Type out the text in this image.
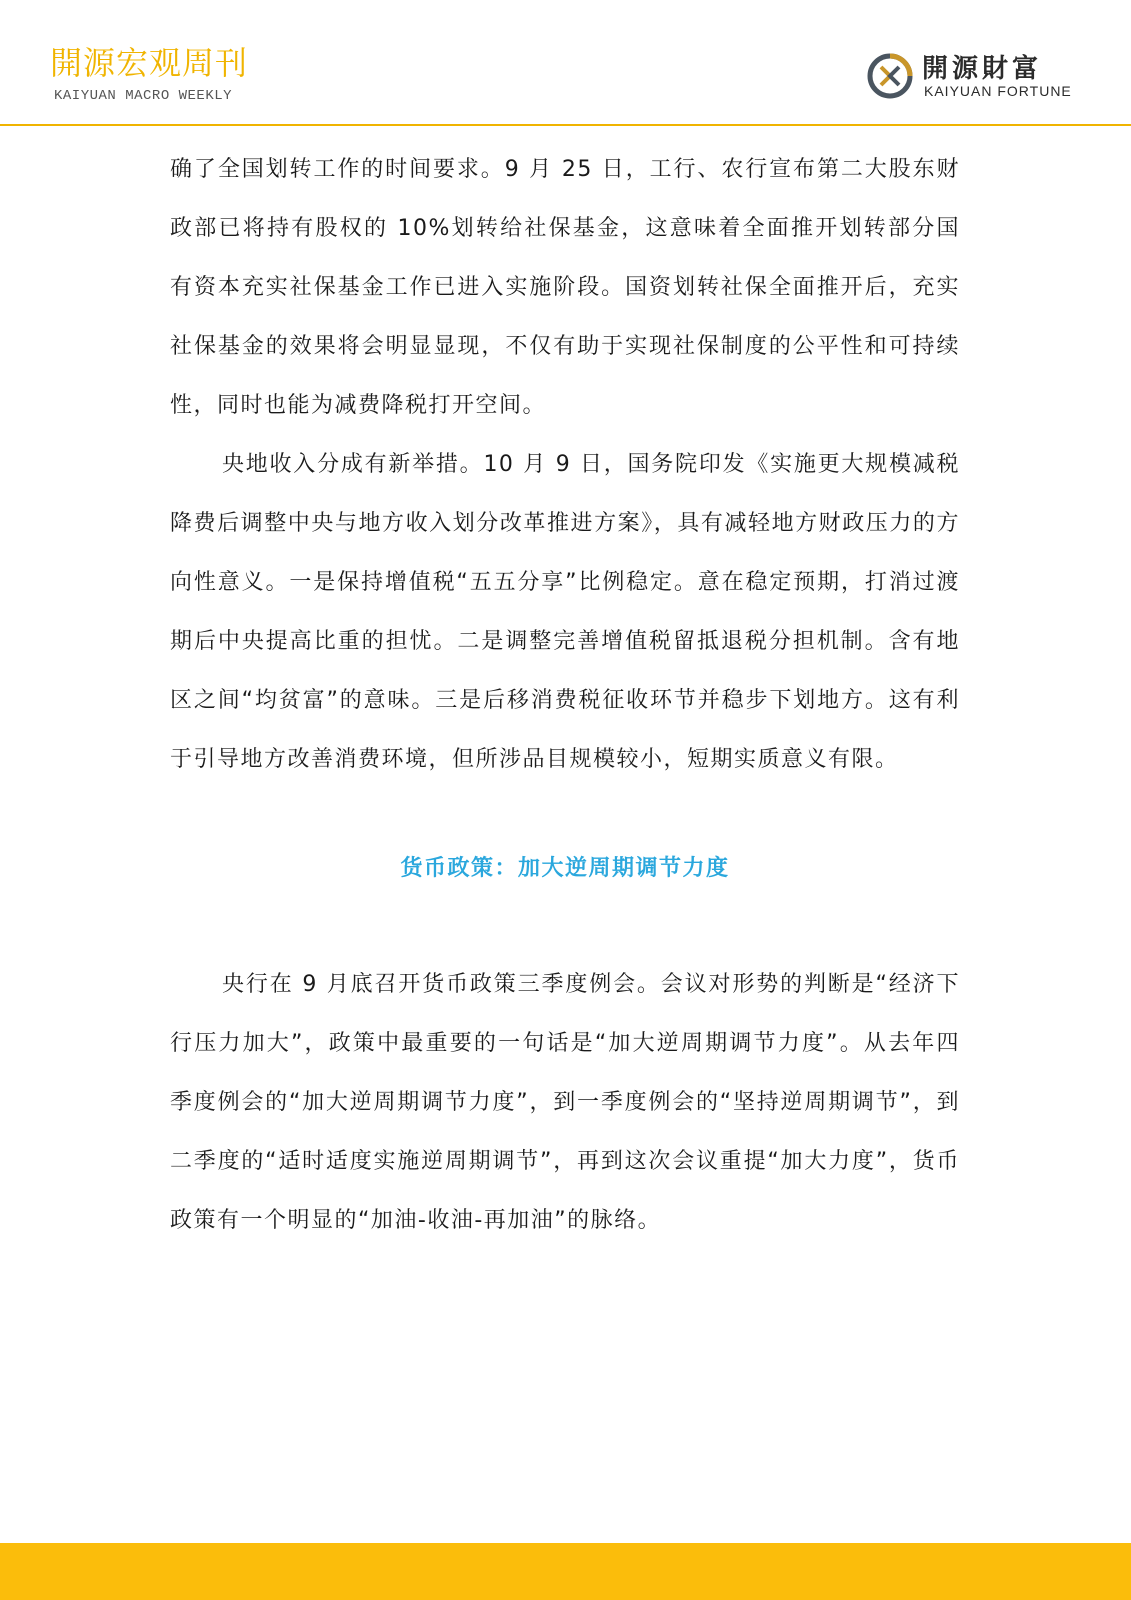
開源宏观周刊
KAIYUAN MACRO WEEKLY
開源財富
KAIYUAN FORTUNE

确了全国划转工作的时间要求。9 月 25 日，工行、农行宣布第二大股东财政部已将持有股权的 10%划转给社保基金，这意味着全面推开划转部分国有资本充实社保基金工作已进入实施阶段。国资划转社保全面推开后，充实社保基金的效果将会明显显现，不仅有助于实现社保制度的公平性和可持续性，同时也能为减费降税打开空间。

央地收入分成有新举措。10 月 9 日，国务院印发《实施更大规模减税降费后调整中央与地方收入划分改革推进方案》，具有减轻地方财政压力的方向性意义。一是保持增值税“五五分享”比例稳定。意在稳定预期，打消过渡期后中央提高比重的担忧。二是调整完善增值税留抵退税分担机制。含有地区之间“均贫富”的意味。三是后移消费税征收环节并稳步下划地方。这有利于引导地方改善消费环境，但所涉品目规模较小，短期实质意义有限。

货币政策：加大逆周期调节力度

央行在 9 月底召开货币政策三季度例会。会议对形势的判断是“经济下行压力加大”，政策中最重要的一句话是“加大逆周期调节力度”。从去年四季度例会的“加大逆周期调节力度”，到一季度例会的“坚持逆周期调节”，到二季度的“适时适度实施逆周期调节”，再到这次会议重提“加大力度”，货币政策有一个明显的“加油-收油-再加油”的脉络。
